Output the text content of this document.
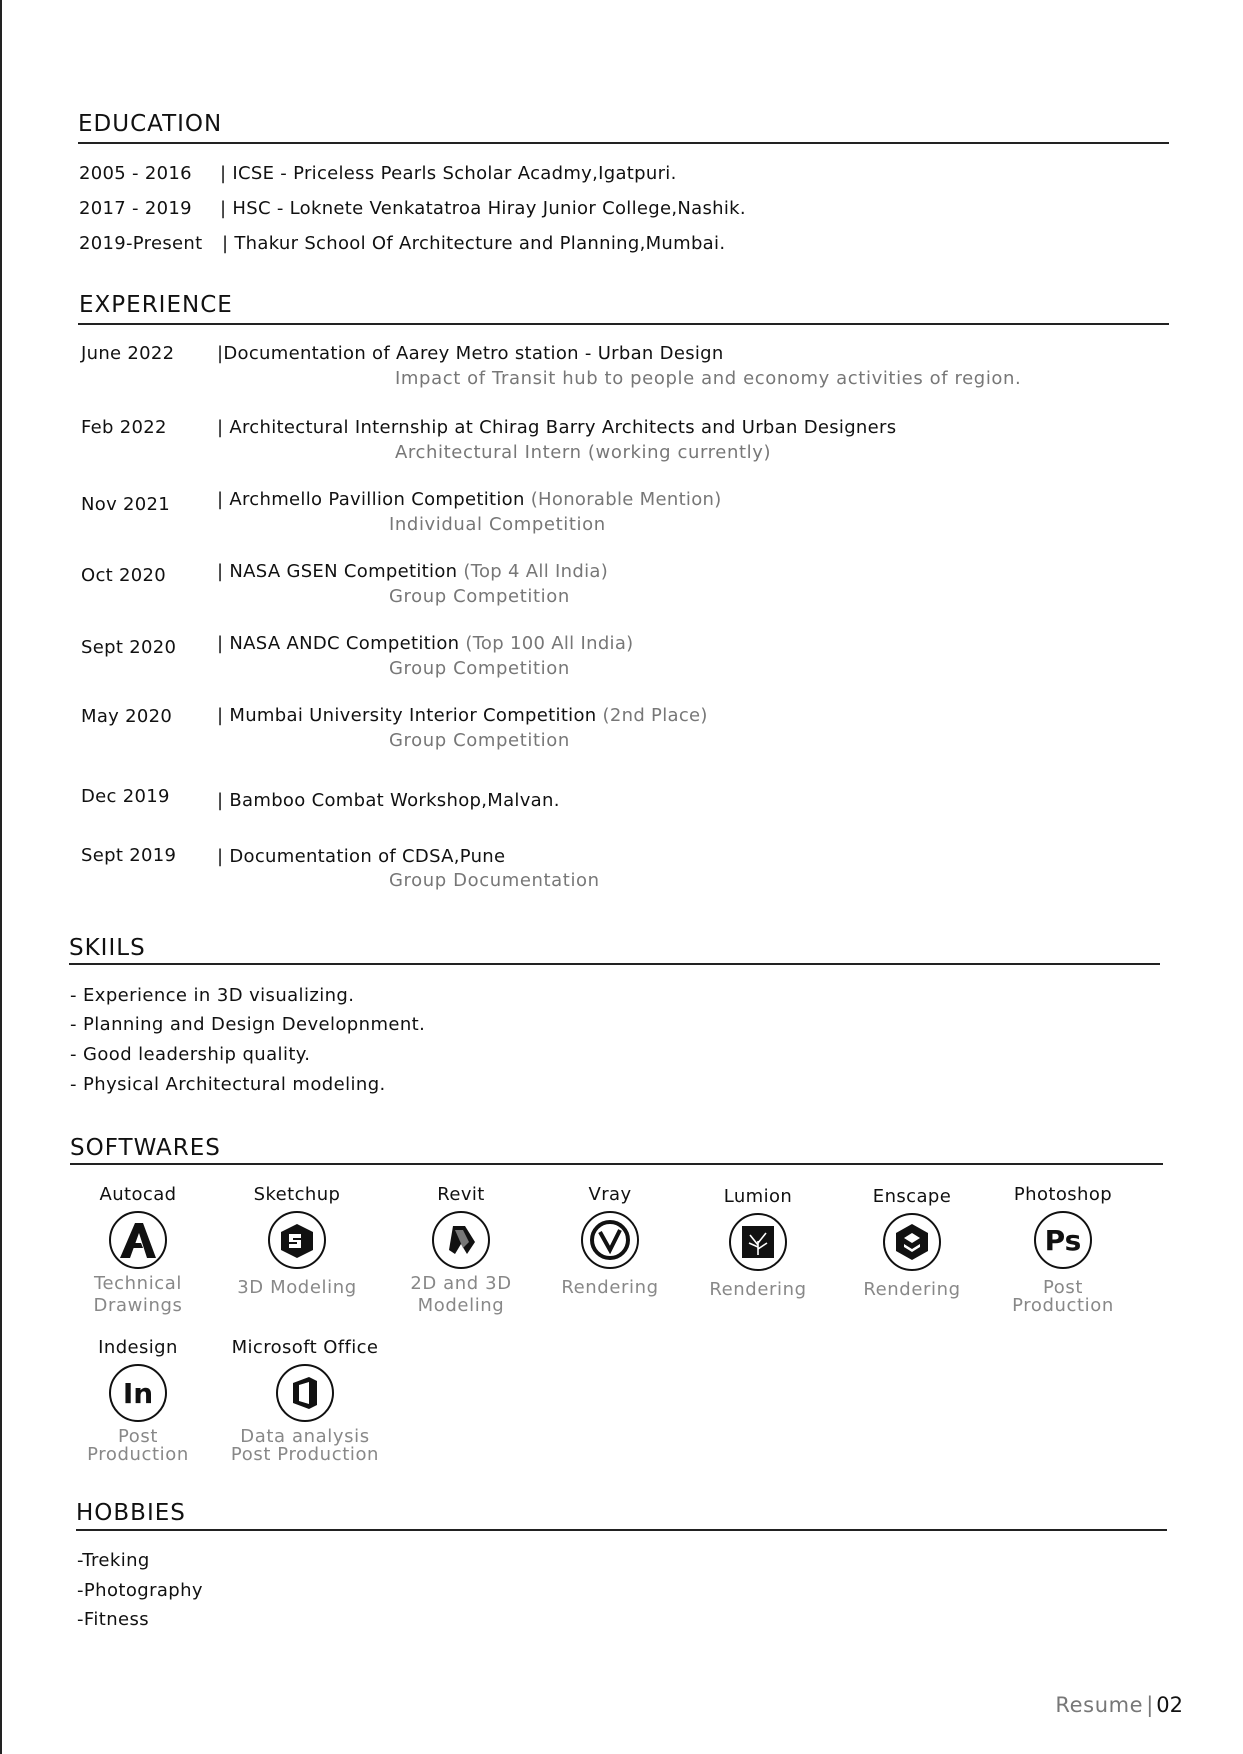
EDUCATION
2005 - 2016 | ICSE - Priceless Pearls Scholar Acadmy,Igatpuri.
2017 - 2019 | HSC - Loknete Venkatatroa Hiray Junior College,Nashik.
2019-Present | Thakur School Of Architecture and Planning,Mumbai.
EXPERIENCE
June 2022 |Documentation of Aarey Metro station - Urban Design
Impact of Transit hub to people and economy activities of region.
Feb 2022	| Architectural Internship at Chirag Barry Architects and Urban Designers
Architectural Intern (working currently)
Nov 2021	| Archmello Pavillion Competition (Honorable Mention)
Individual Competition
Oct 2020	| NASA GSEN Competition (Top 4 All India)
Group Competition
Sept 2020 | NASA ANDC Competition (Top 100 All India)
Group Competition
May 2020 | Mumbai University Interior Competition (2nd Place)
Group Competition
Dec 2019	| Bamboo Combat Workshop,Malvan.
Sept 2019 | Documentation of CDSA,Pune
Group Documentation
SKIILS
- Experience in 3D visualizing.
- Planning and Design Developnment.
- Good leadership quality.
- Physical Architectural modeling.
SOFTWARES
Autocad
Technical
Drawings
Sketchup
3D Modeling
Revit
2D and 3D
Modeling
Vray
Rendering
Lumion
Rendering
Enscape
Rendering
Photoshop
Ps
Post
Production
Indesign
In
Post
Production
Microsoft Office
Data analysis
Post Production
HOBBIES
-Treking
-Photography
-Fitness
Resume | 02
